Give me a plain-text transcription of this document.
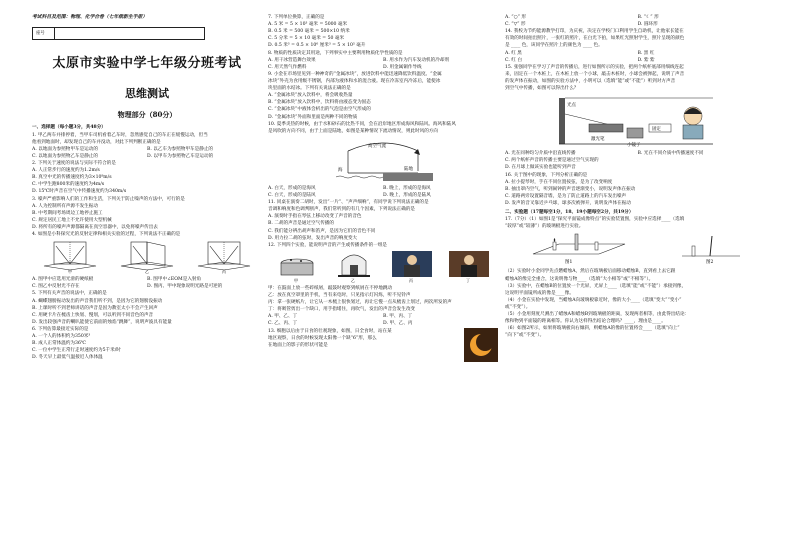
考试科目及范围：物理、化学合卷（七年级新生手册）
座号	
太原市实验中学七年级分班考试
思维测试
物理部分（80分）
一、选择题（每小题3分，共48分）
1. 甲乙两车并排停着，当甲车司机看着乙车时，忽然感觉自己的车正在缓慢运动，但当
他看到地面时，却发现自己的车并没动，对此下列判断正确的是
A. 以地面为参照物甲车是运动的	B. 以乙车为参照物甲车是静止的
C. 以地面为参照物乙车是静止的	D. 以甲车为参照物乙车是运动的
2. 下列关于速度的说法与实际不符合的是
A. 人正常步行的速度约为1.2m/s
B. 真空中光的传播速度约为3×10⁸m/s
C. 中学生跑800米的速度约为4m/s
D. 15℃时声音在空气中传播速度约为340m/s
3. 噪声严重影响人们的工作和生活，下列关于防止噪声的方法中，可行的是
A. 人为控制所有声源不发生振动
B. 中考期间考场周边工地停止施工
C. 规定居民工地上不允许使用大型机械
D. 将所有的噪声声源都隔离在真空容器中，以免将噪声传出去
4. 如图是小科探究光的反射定律和相关实验的过程，下列说法不正确的是
甲	乙	丙
A. 图甲中应选用光滑的硬纸板	B. 图甲中∠EOM是入射角
C. 图乙中反射光不存在	D. 图丙、甲中现象说明光路是可逆的
5. 下列有关声音的说法中，正确的是
A. 蝴蝶翅膀振动发出的声音我们听不到，是因为它的翅膀没振动
B. 上课时听不到老师讲话的声音是因为教室太小不会产生回声
C. 用硬卡片在梳齿上快划、慢划，可以听到不同音色的声音
D. 发出较强声音的喇叭能使它前面的烛焰“跳舞”，说明声波具有能量
6. 下列估算最接近实际的是
A. 一个人的体积约为350米³
B. 成人正常体温约为36℃
C. 一位中学生正常行走时速度约为5千米/时
D. 冬天早上最低气温接近人体体温
7. 下列单位换算，正确的是
A. 5 米 = 5 × 10³ 毫米 = 5000 毫米
B. 0.5 米 = 500 毫米 = 500×10 纳米
C. 5 分米 = 5 × 10 毫米 = 50 毫米
D. 0.5 米³ = 0.5 × 10⁶ 厘米³ = 5 × 10⁵ 毫升
8. 物质的性质决定其用途，下列事实中主要利用物质化学性质的是
A. 用干冰营造舞台效果	B. 用水作为汽车发动机的冷却剂
C. 用天然气作燃料	D. 用金属铜作导线
9. 小金在市场里见到一种神奇的“金属冰块”，放进饮料中能迅速降低饮料温度。“金属
冰块”外壳为食用级不锈钢，内部为液体和水的混合液。现在冷冻室内冷冻后，能使冰
块里面的水结冰。下列有关说法正确的是
A. “金属冰块”放入饮料中，将会吸收热量
B. “金属冰块”放入饮料中，饮料将由液态变为固态
C. “金属冰块”中液体会析出的气泡是由空气形成的
D. “金属冰块”外面和里面是两种不同的物质
10. 夏季炎热的时候，由于水和砂石的比热不同，会在沿岸地区形成海风和陆风。海风和陆风
是风吹的方向不同，由于上面是陆地，如图是某种情况下流动情况，则此时风的方向
高空气流
陆地
海
A. 白天，形成的是海风	B. 晚上，形成的是海风
C. 白天，形成的是陆风	D. 晚上，形成的是陆风
11. 同桌在演奏二胡时，发出“一片”、“声声细响”，有同学说下列说法正确的是
音调和响度和色调判断声，我们常听到的有几个因素，下列说法正确的是
A. 演奏时手指在琴弦上移动改变了声音的音色
B. 二胡的声音是通过空气传播的
C. 我们能分辨出胡声和笛声，是因为它们的音色不同
D. 用力拉二胡的弦时，发出声音的响度变大
12. 下列四个实验，能说明声音的产生或传播条件的一组是
甲	乙	丙	丁
甲：在鼓面上放一些碎纸屑，敲鼓时观察到纸屑在不停地跳动
乙：放在真空罩里的手机，当有来电时，只见指示灯闪烁，听不见铃声
丙：拿一张硬纸片，让它从一木梳上很快划过，再让它慢一点从梳齿上划过，两次所发的声
丁：将吸管剪出一个缺口，用手指堵住，再吹气，发出的声音会发生改变
A. 甲、乙、丁	B. 甲、丙、丁
C. 乙、丙、丁	D. 甲、乙、丙
13. 细胞以后由于日食的壮观现象，如图，日全食时，站在某
地区观察，日食的时候发现太阳像一个缺“6”形，那么
在地面上的影子的形状可能是
A. “○” 形	B. “☾” 形
C. “▽” 形	D. 圆环形
14. 我校为节约能源教学打印，为庆祝，决定在学校门口利用学生自助机，让他家长能在
有效的时间拍出照片，一张红的照片，在白光下拍，如果红光照射学生，照片呈现的颜色
是 ____ 色，该同学在照片上的颜色为 ____ 色。
A. 红 黑	B. 黑 红
C. 红 白	D. 紫 紫
15. 张强同学在学习了声音的传播后，进行如图所示的实验，把两个纸杯底部用细线连起
来，固定在一个木桩上，在木桩上放一个小球，敲击木桩时，小球会被弹起，说明了声音
的发声体在振动，如图的实验方法中，小明可以（选填“能”或“不能”）听到对方声音
到空气中传播，如图可以得出什么？
光点
激光笔
小镜子
固定
A. 光在同种均匀介质中沿直线传播	B. 光在不同介质中传播速度不同
C. 两个纸杯声音的传播主要是通过空气实现的
D. 在月球上做该实验也能听到声音
16. 关于图中的现象，下列分析正确的是
A. 拉小提琴时，手在不同位置按弦，是为了改变响度
B. 抽出罩内空气，听到闹钟的声音逐渐变小，说明发声体在振动
C. 道路两旁设置隔音墙，是为了防止道路上的汽车发出噪声
D. 发声的音叉靠近乒乓球，球多次被弹开，说明发声体在振动
二、实验题（17题每空1分，18、19小题每空2分，共19分）
17.（7分）（1）如图1是“探究平面镜成像特点”的实验装置图，实验中应选择____（选填
“较厚”或“较薄”）的玻璃板进行实验。
图1	图2
（2）实验时小金同学先点燃蜡烛A，然后在玻璃板后面移动蜡烛B，直到看上去它跟
蜡烛A的像完全重合，这说明像与物____（选填“大小相等”或“不相等”）。
（3）实验中，在蜡烛B的位置放一个光屏，光屏上____（选填“能”或“不能”）承接到像，
这说明平面镜所成的像是____像。
（4）小金在实验中发现，当蜡烛A向玻璃板靠近时，像的大小____（选填“变大”“变小”
或“不变”）。
（5）小金用刻度尺测出了蜡烛A和蜡烛B到玻璃板的距离，发现两者相等，由此得出结论：
像和物到平面镜的距离相等。你认为这样得出结论合理吗？____，理由是____。
（6）如图2所示，如果将玻璃板向右倾斜，则蜡烛A的像的位置将会____（选填“向上”
“向下”或“不变”）。
